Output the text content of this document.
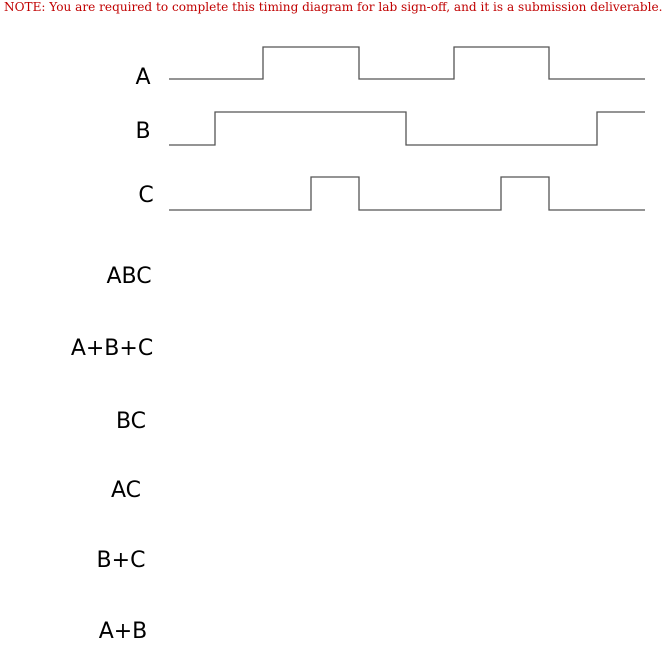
NOTE: You are required to complete this timing diagram for lab sign-off, and it is a submission deliverable.

A
B
C
ABC
A+B+C
BC
AC
B+C
A+B
